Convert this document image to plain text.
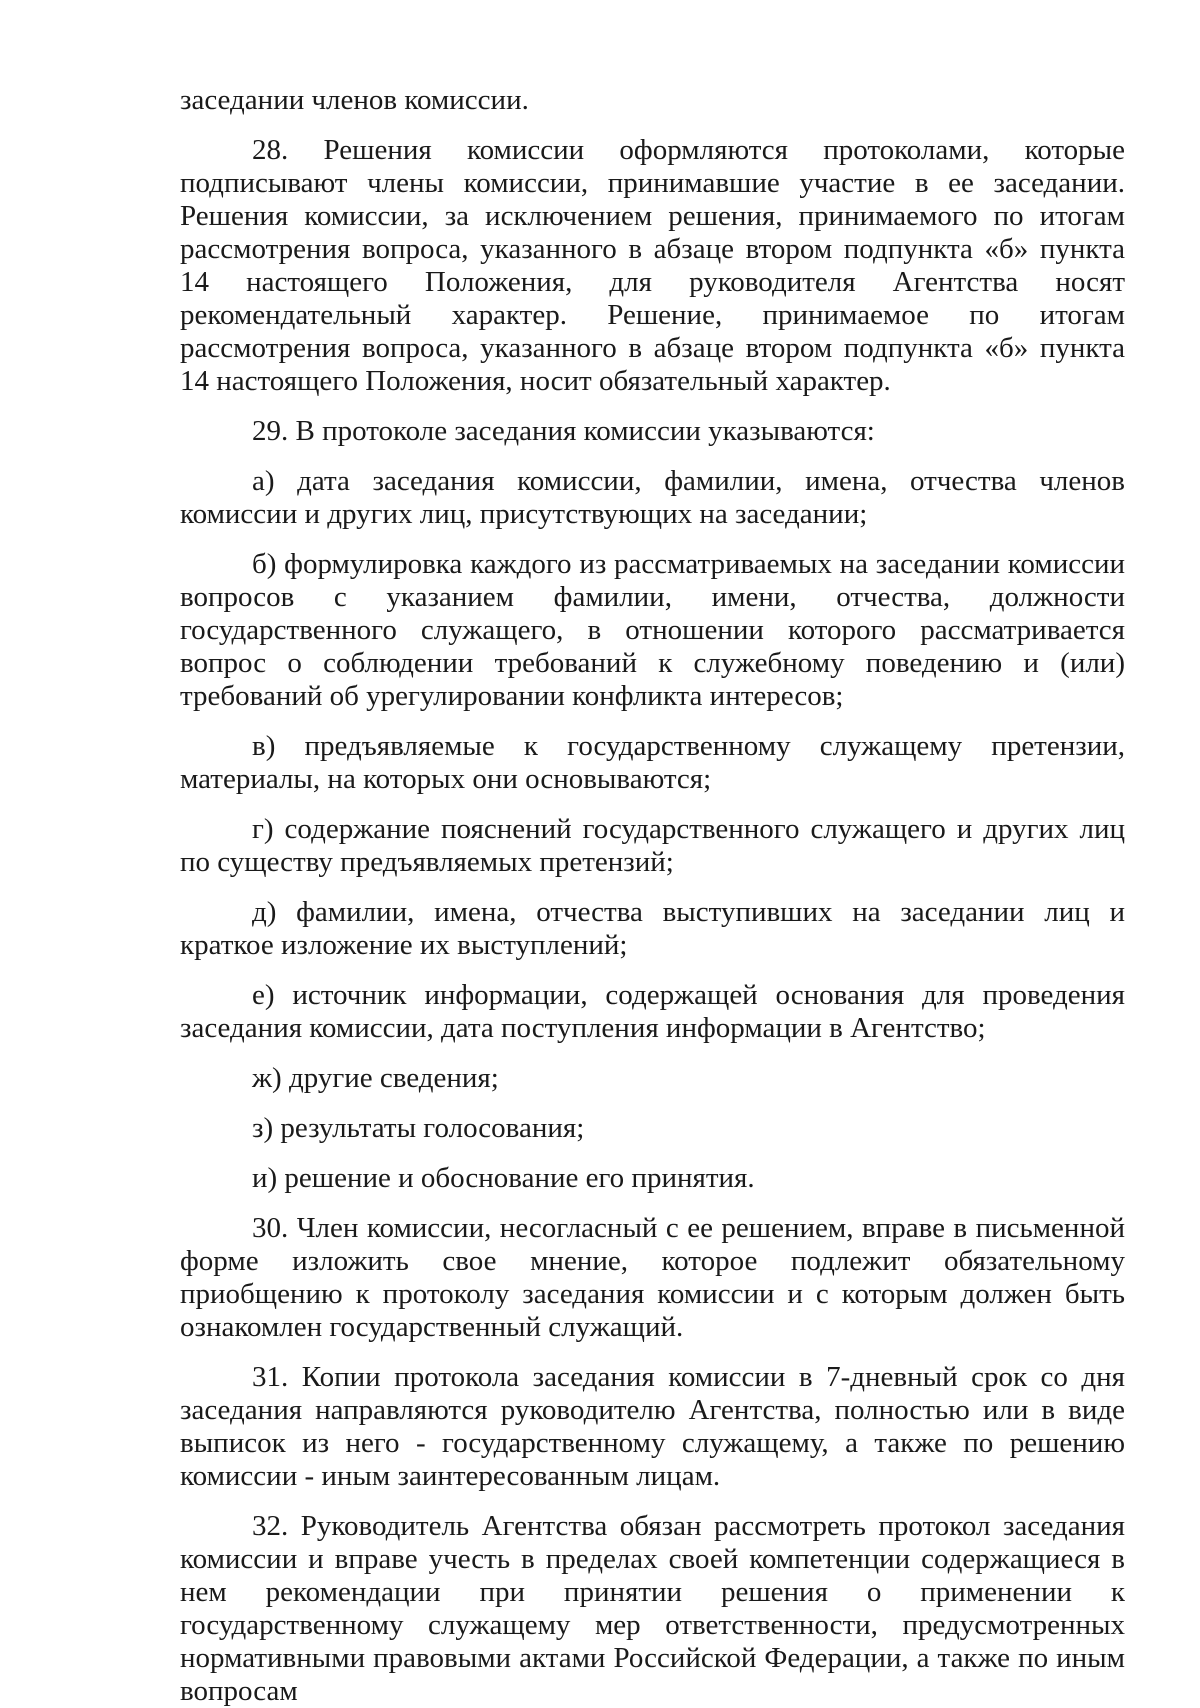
заседании членов комиссии.

28. Решения комиссии оформляются протоколами, которые подписывают члены комиссии, принимавшие участие в ее заседании. Решения комиссии, за исключением решения, принимаемого по итогам рассмотрения вопроса, указанного в абзаце втором подпункта «б» пункта 14 настоящего Положения, для руководителя Агентства носят рекомендательный характер. Решение, принимаемое по итогам рассмотрения вопроса, указанного в абзаце втором подпункта «б» пункта 14 настоящего Положения, носит обязательный характер.

29. В протоколе заседания комиссии указываются:

а) дата заседания комиссии, фамилии, имена, отчества членов комиссии и других лиц, присутствующих на заседании;

б) формулировка каждого из рассматриваемых на заседании комиссии вопросов с указанием фамилии, имени, отчества, должности государственного служащего, в отношении которого рассматривается вопрос о соблюдении требований к служебному поведению и (или) требований об урегулировании конфликта интересов;

в) предъявляемые к государственному служащему претензии, материалы, на которых они основываются;

г) содержание пояснений государственного служащего и других лиц по существу предъявляемых претензий;

д) фамилии, имена, отчества выступивших на заседании лиц и краткое изложение их выступлений;

е) источник информации, содержащей основания для проведения заседания комиссии, дата поступления информации в Агентство;

ж) другие сведения;

з) результаты голосования;

и) решение и обоснование его принятия.

30. Член комиссии, несогласный с ее решением, вправе в письменной форме изложить свое мнение, которое подлежит обязательному приобщению к протоколу заседания комиссии и с которым должен быть ознакомлен государственный служащий.

31. Копии протокола заседания комиссии в 7-дневный срок со дня заседания направляются руководителю Агентства, полностью или в виде выписок из него - государственному служащему, а также по решению комиссии - иным заинтересованным лицам.

32. Руководитель Агентства обязан рассмотреть протокол заседания комиссии и вправе учесть в пределах своей компетенции содержащиеся в нем рекомендации при принятии решения о применении к государственному служащему мер ответственности, предусмотренных нормативными правовыми актами Российской Федерации, а также по иным вопросам
